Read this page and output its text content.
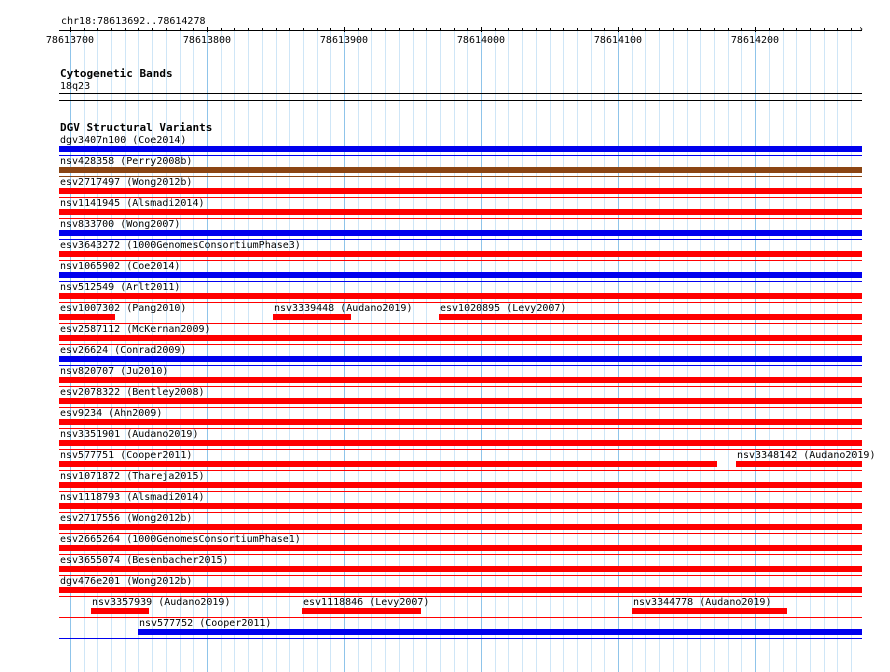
chr18:78613692..78614278
›
78613700	78613800	78613900	78614000	78614100	78614200
Cytogenetic Bands
18q23
DGV Structural Variants
dgv3407n100 (Coe2014)
nsv428358 (Perry2008b)
esv2717497 (Wong2012b)
nsv1141945 (Alsmadi2014)
nsv833700 (Wong2007)
esv3643272 (1000GenomesConsortiumPhase3)
nsv1065902 (Coe2014)
nsv512549 (Arlt2011)
esv1007302 (Pang2010)	nsv3339448 (Audano2019)	esv1020895 (Levy2007)
esv2587112 (McKernan2009)
esv26624 (Conrad2009)
nsv820707 (Ju2010)
esv2078322 (Bentley2008)
esv9234 (Ahn2009)
nsv3351901 (Audano2019)
nsv577751 (Cooper2011)	nsv3348142 (Audano2019)
nsv1071872 (Thareja2015)
nsv1118793 (Alsmadi2014)
esv2717556 (Wong2012b)
esv2665264 (1000GenomesConsortiumPhase1)
esv3655074 (Besenbacher2015)
dgv476e201 (Wong2012b)
nsv3357939 (Audano2019)	esv1118846 (Levy2007)	nsv3344778 (Audano2019)
nsv577752 (Cooper2011)
